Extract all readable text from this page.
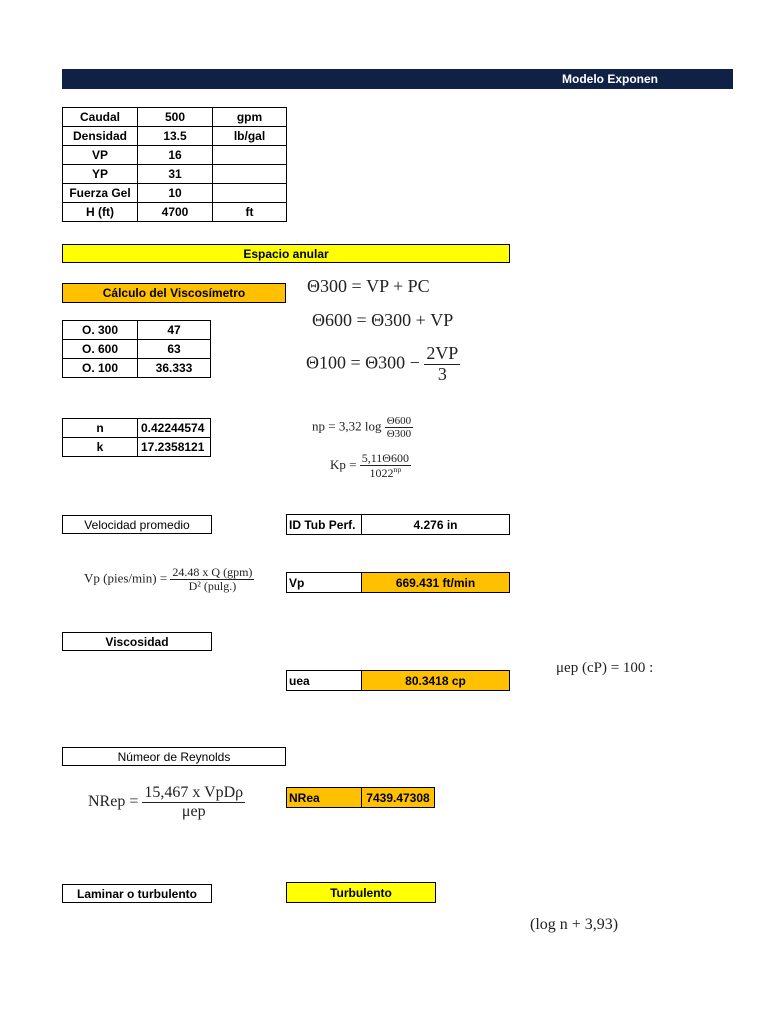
Modelo Exponen
Caudal	500	gpm
Densidad	13.5	lb/gal
VP	16	
YP	31	
Fuerza Gel	10	
H (ft)	4700	ft
Espacio anular
Cálculo del Viscosímetro	Θ300 = VP + PC
Θ600 = Θ300 + VP
$\Theta 100 = \Theta 300 - \frac{2VP}{3}$
O. 300	47
O. 600	63
O. 100	36.333
n	0.42244574
k	17.2358121
np = 3,32 $\log \frac{\Theta 600}{\Theta 300}$
$Kp = \frac{5,11\Theta 600}{1022^{np}}$
Velocidad promedio	ID Tub Perf.	4.276 in
Vp (pies/min) = $\frac{\text{24.48 x Q (gpm)}}{\text{D² (pulg.)}}$	Vp	669.431 ft/min
Viscosidad
uea	80.3418 cp
μep (cP) = 100 :
Númeor de Reynolds
NRep = $\frac{\text{15,467 x VpDρ}}{\text{μep}}$	NRea	7439.47308
Laminar o turbulento	Turbulento
(log n + 3,93)
